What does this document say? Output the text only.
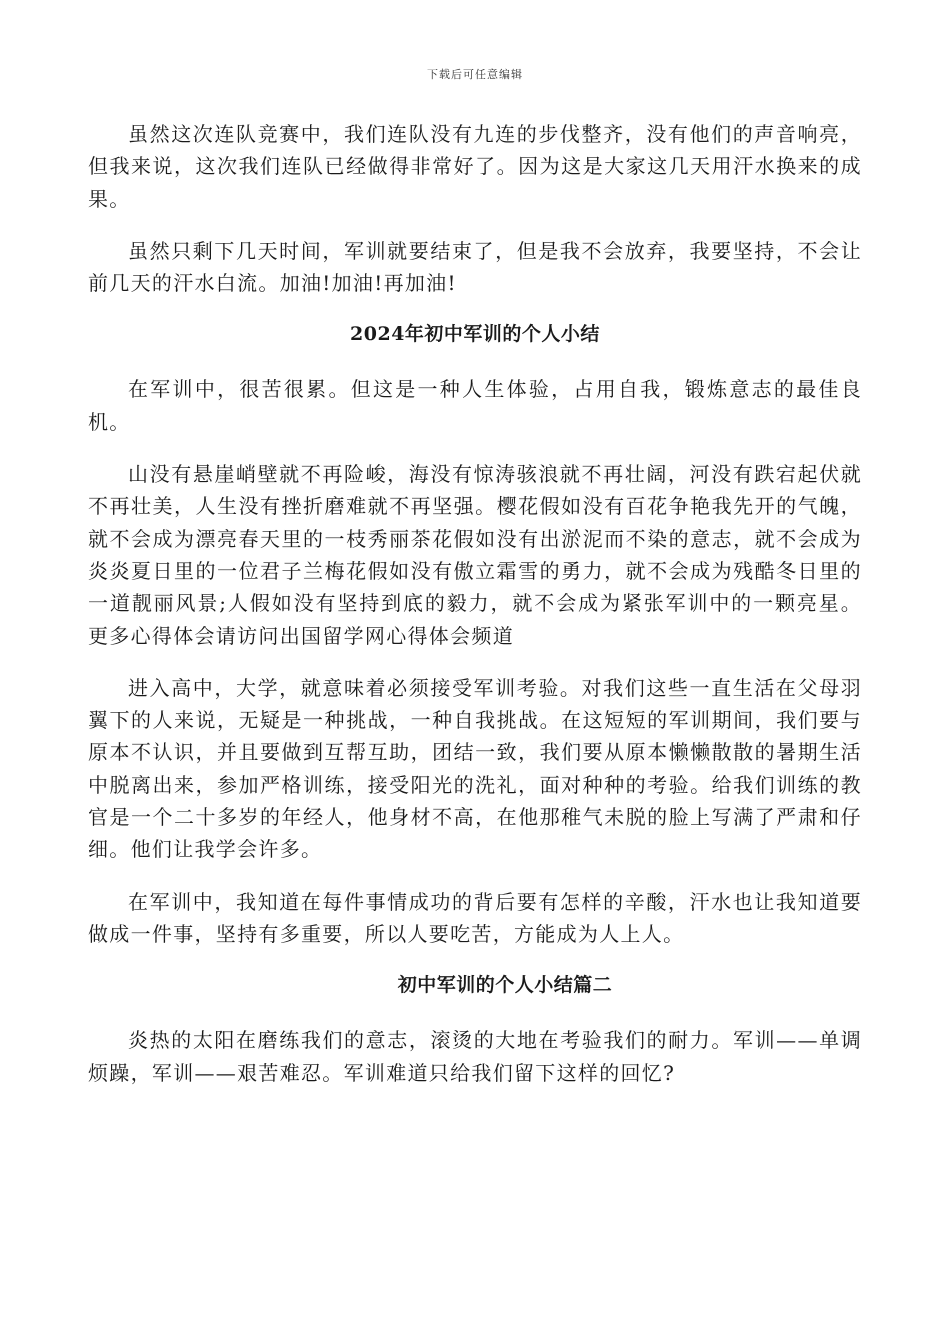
下载后可任意编辑

虽然这次连队竞赛中，我们连队没有九连的步伐整齐，没有他们的声音响亮，但我来说，这次我们连队已经做得非常好了。因为这是大家这几天用汗水换来的成果。

虽然只剩下几天时间，军训就要结束了，但是我不会放弃，我要坚持，不会让前几天的汗水白流。加油!加油!再加油!

2024年初中军训的个人小结

在军训中，很苦很累。但这是一种人生体验，占用自我，锻炼意志的最佳良机。

山没有悬崖峭壁就不再险峻，海没有惊涛骇浪就不再壮阔，河没有跌宕起伏就不再壮美，人生没有挫折磨难就不再坚强。樱花假如没有百花争艳我先开的气魄，就不会成为漂亮春天里的一枝秀丽茶花假如没有出淤泥而不染的意志，就不会成为炎炎夏日里的一位君子兰梅花假如没有傲立霜雪的勇力，就不会成为残酷冬日里的一道靓丽风景;人假如没有坚持到底的毅力，就不会成为紧张军训中的一颗亮星。更多心得体会请访问出国留学网心得体会频道

进入高中，大学，就意味着必须接受军训考验。对我们这些一直生活在父母羽翼下的人来说，无疑是一种挑战，一种自我挑战。在这短短的军训期间，我们要与原本不认识，并且要做到互帮互助，团结一致，我们要从原本懒懒散散的暑期生活中脱离出来，参加严格训练，接受阳光的洗礼，面对种种的考验。给我们训练的教官是一个二十多岁的年经人，他身材不高，在他那稚气未脱的脸上写满了严肃和仔细。他们让我学会许多。

在军训中，我知道在每件事情成功的背后要有怎样的辛酸，汗水也让我知道要做成一件事，坚持有多重要，所以人要吃苦，方能成为人上人。

初中军训的个人小结篇二

炎热的太阳在磨练我们的意志，滚烫的大地在考验我们的耐力。军训——单调烦躁，军训——艰苦难忍。军训难道只给我们留下这样的回忆?
